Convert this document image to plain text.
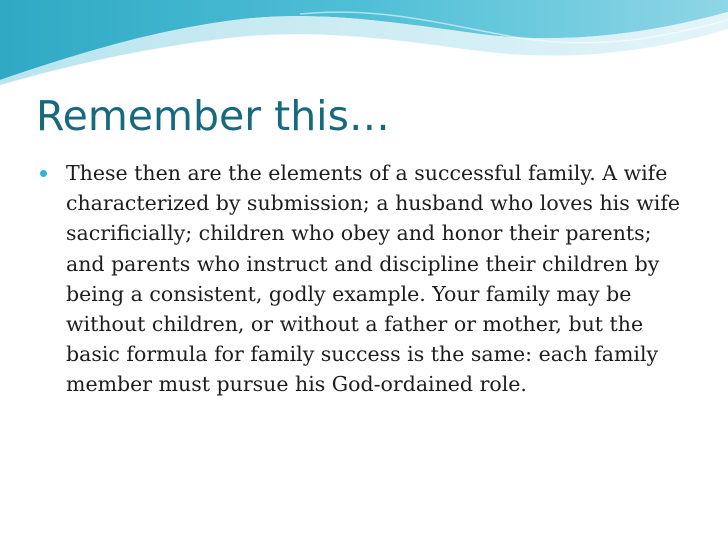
Remember this…
These then are the elements of a successful family. A wife characterized by submission; a husband who loves his wife sacrificially; children who obey and honor their parents; and parents who instruct and discipline their children by being a consistent, godly example. Your family may be without children, or without a father or mother, but the basic formula for family success is the same: each family member must pursue his God-ordained role.
